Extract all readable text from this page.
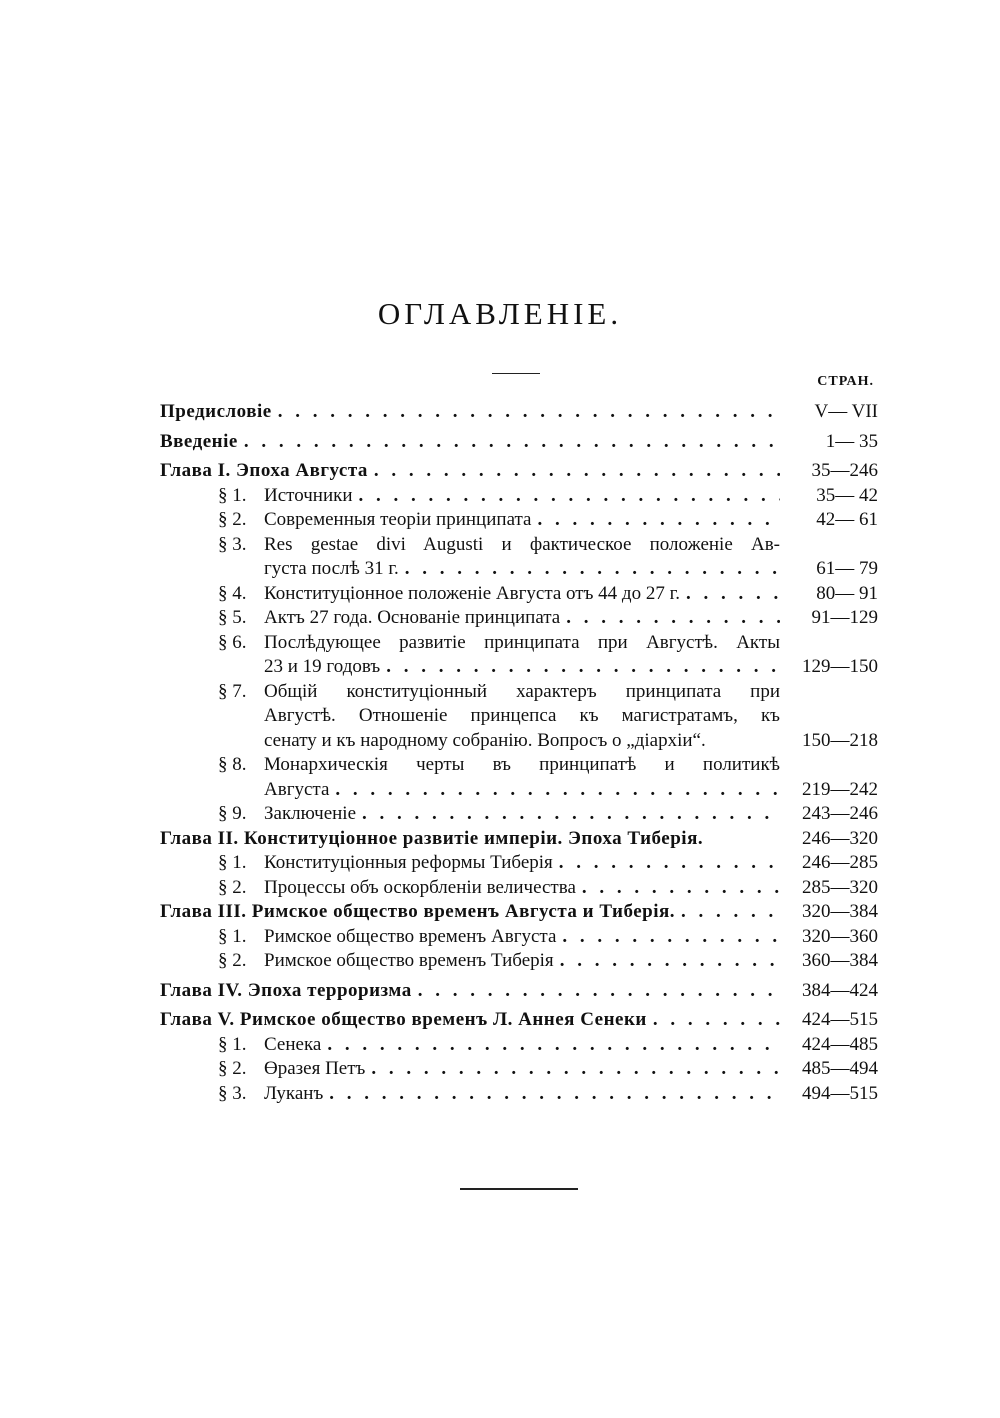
ОГЛАВЛЕНІЕ.
СТРАН.
Предисловіе . . .	V— VII
Введеніе . . .	1— 35
Глава I. Эпоха Августа . . .	35—246
§ 1. Источники . . .	35— 42
§ 2. Современныя теоріи принципата . . .	42— 61
§ 3. Res gestae divi Augusti и фактическое положеніе Ав-
густа послѣ 31 г. . . .	61— 79
§ 4. Конституціонное положеніе Августа отъ 44 до 27 г. . . .	80— 91
§ 5. Актъ 27 года. Основаніе принципата . . .	91—129
§ 6. Послѣдующее развитіе принципата при Августѣ. Акты
23 и 19 годовъ . . .	129—150
§ 7. Общій конституціонный характеръ принципата при
Августѣ. Отношеніе принцепса къ магистратамъ, къ
сенату и къ народному собранію. Вопросъ о „діархіи“.	150—218
§ 8. Монархическія черты въ принципатѣ и политикѣ
Августа . . .	219—242
§ 9. Заключеніе . . .	243—246
Глава II. Конституціонное развитіе имперіи. Эпоха Тиберія.	246—320
§ 1. Конституціонныя реформы Тиберія . . .	246—285
§ 2. Процессы объ оскорбленіи величества . . .	285—320
Глава III. Римское общество временъ Августа и Тиберія. . . .	320—384
§ 1. Римское общество временъ Августа . . .	320—360
§ 2. Римское общество временъ Тиберія . . .	360—384
Глава IV. Эпоха терроризма . . .	384—424
Глава V. Римское общество временъ Л. Аннея Сенеки . . .	424—515
§ 1. Сенека . . .	424—485
§ 2. Өразея Петъ . . .	485—494
§ 3. Луканъ . . .	494—515
